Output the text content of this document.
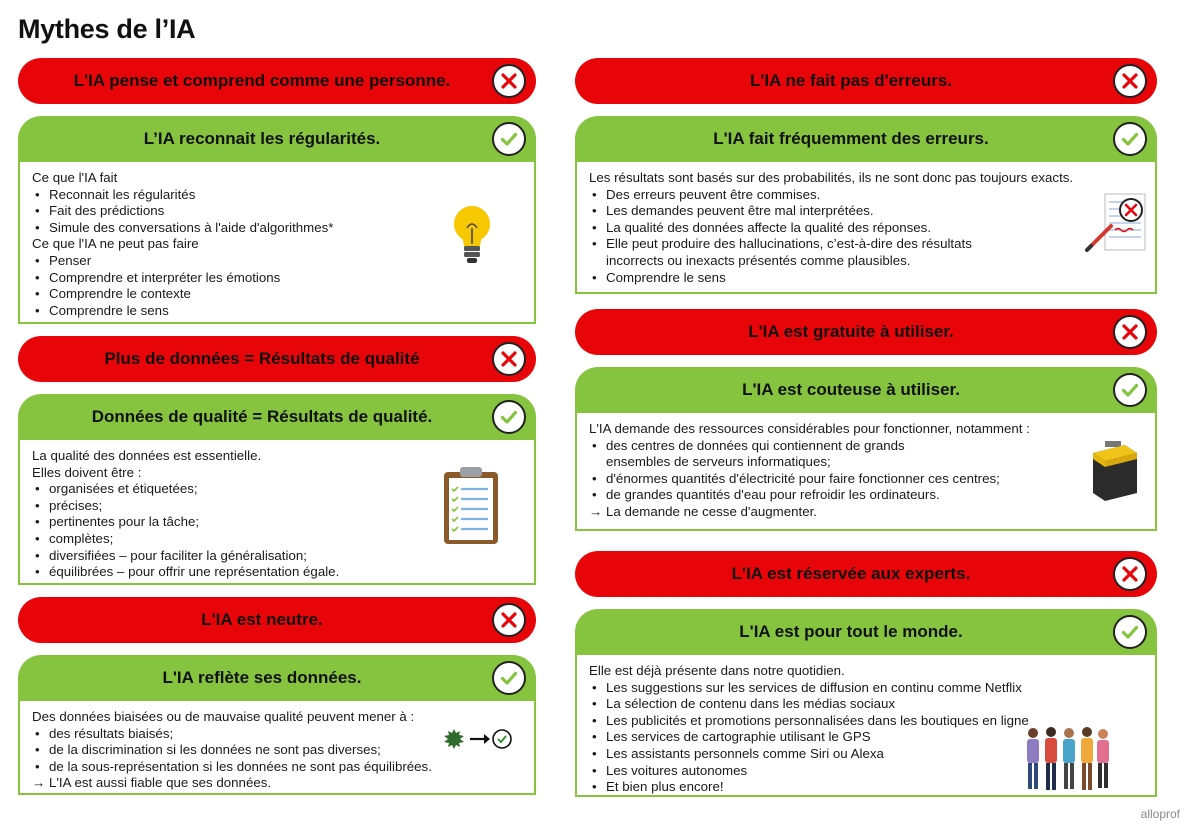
Mythes de l’IA
L'IA pense et comprend comme une personne.
L’IA reconnait les régularités.

Ce que l'IA fait

• Reconnait les régularités
• Fait des prédictions
• Simule des conversations à l'aide d'algorithmes*

Ce que l'IA ne peut pas faire

• Penser
• Comprendre et interpréter les émotions
• Comprendre le contexte
• Comprendre le sens
Plus de données = Résultats de qualité
Données de qualité = Résultats de qualité.

La qualité des données est essentielle.

Elles doivent être :

• organisées et étiquetées;
• précises;
• pertinentes pour la tâche;
• complètes;
• diversifiées – pour faciliter la généralisation;
• équilibrées – pour offrir une représentation égale.
L'IA est neutre.
L'IA reflète ses données.

Des données biaisées ou de mauvaise qualité peuvent mener à :

• des résultats biaisés;
• de la discrimination si les données ne sont pas diverses;
• de la sous-représentation si les données ne sont pas équilibrées.

→ L'IA est aussi fiable que ses données.

L'IA ne fait pas d'erreurs.
L'IA fait fréquemment des erreurs.

Les résultats sont basés sur des probabilités, ils ne sont donc pas toujours exacts.

• Des erreurs peuvent être commises.
• Les demandes peuvent être mal interprétées.
• La qualité des données affecte la qualité des réponses.
• Elle peut produire des hallucinations, c’est-à-dire des résultats incorrects ou inexacts présentés comme plausibles.
• Comprendre le sens
L'IA est gratuite à utiliser.
L'IA est couteuse à utiliser.

L'IA demande des ressources considérables pour fonctionner, notamment :

• des centres de données qui contiennent de grands ensembles de serveurs informatiques;
• d'énormes quantités d'électricité pour faire fonctionner ces centres;
• de grandes quantités d'eau pour refroidir les ordinateurs.

→ La demande ne cesse d'augmenter.

L'IA est réservée aux experts.
L'IA est pour tout le monde.

Elle est déjà présente dans notre quotidien.

• Les suggestions sur les services de diffusion en continu comme Netflix
• La sélection de contenu dans les médias sociaux
• Les publicités et promotions personnalisées dans les boutiques en ligne
• Les services de cartographie utilisant le GPS
• Les assistants personnels comme Siri ou Alexa
• Les voitures autonomes
• Et bien plus encore!
alloprof
